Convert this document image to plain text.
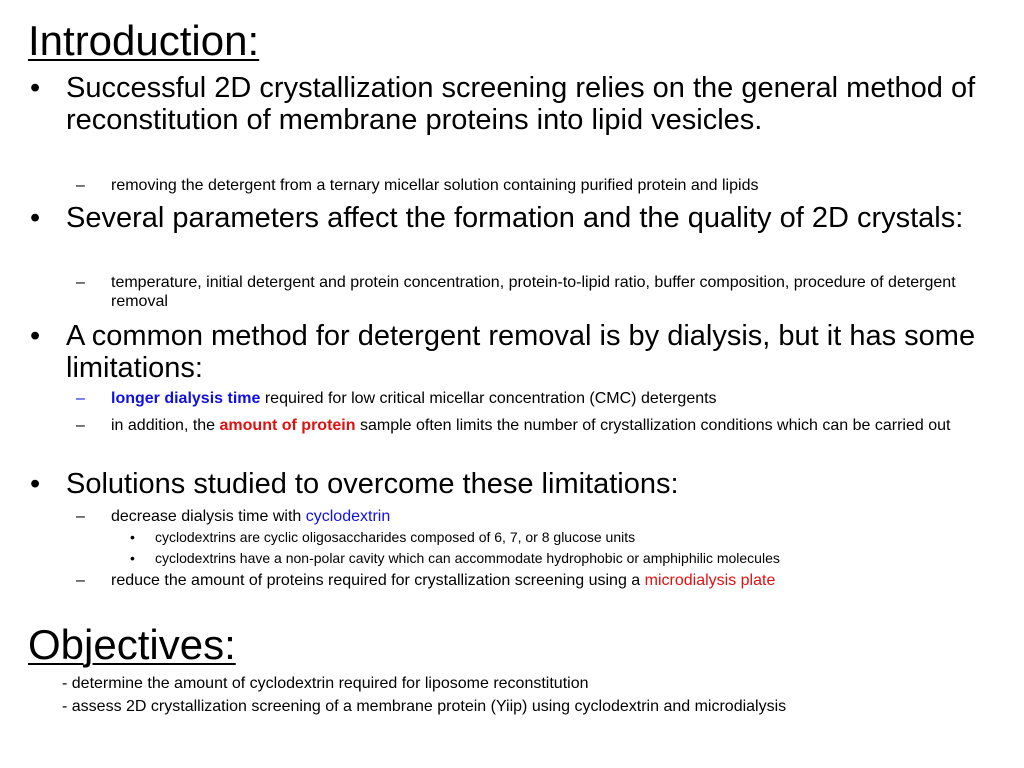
Introduction:
• Successful 2D crystallization screening relies on the general method of reconstitution of membrane proteins into lipid vesicles.
– removing the detergent from a ternary micellar solution containing purified protein and lipids
• Several parameters affect the formation and the quality of 2D crystals:
– temperature, initial detergent and protein concentration, protein-to-lipid ratio, buffer composition, procedure of detergent removal
• A common method for detergent removal is by dialysis, but it has some limitations:
– longer dialysis time required for low critical micellar concentration (CMC) detergents
– in addition, the amount of protein sample often limits the number of crystallization conditions which can be carried out
• Solutions studied to overcome these limitations:
– decrease dialysis time with cyclodextrin
• cyclodextrins are cyclic oligosaccharides composed of 6, 7, or 8 glucose units
• cyclodextrins have a non-polar cavity which can accommodate hydrophobic or amphiphilic molecules
– reduce the amount of proteins required for crystallization screening using a microdialysis plate
Objectives:
- determine the amount of cyclodextrin required for liposome reconstitution
- assess 2D crystallization screening of a membrane protein (Yiip) using cyclodextrin and microdialysis
